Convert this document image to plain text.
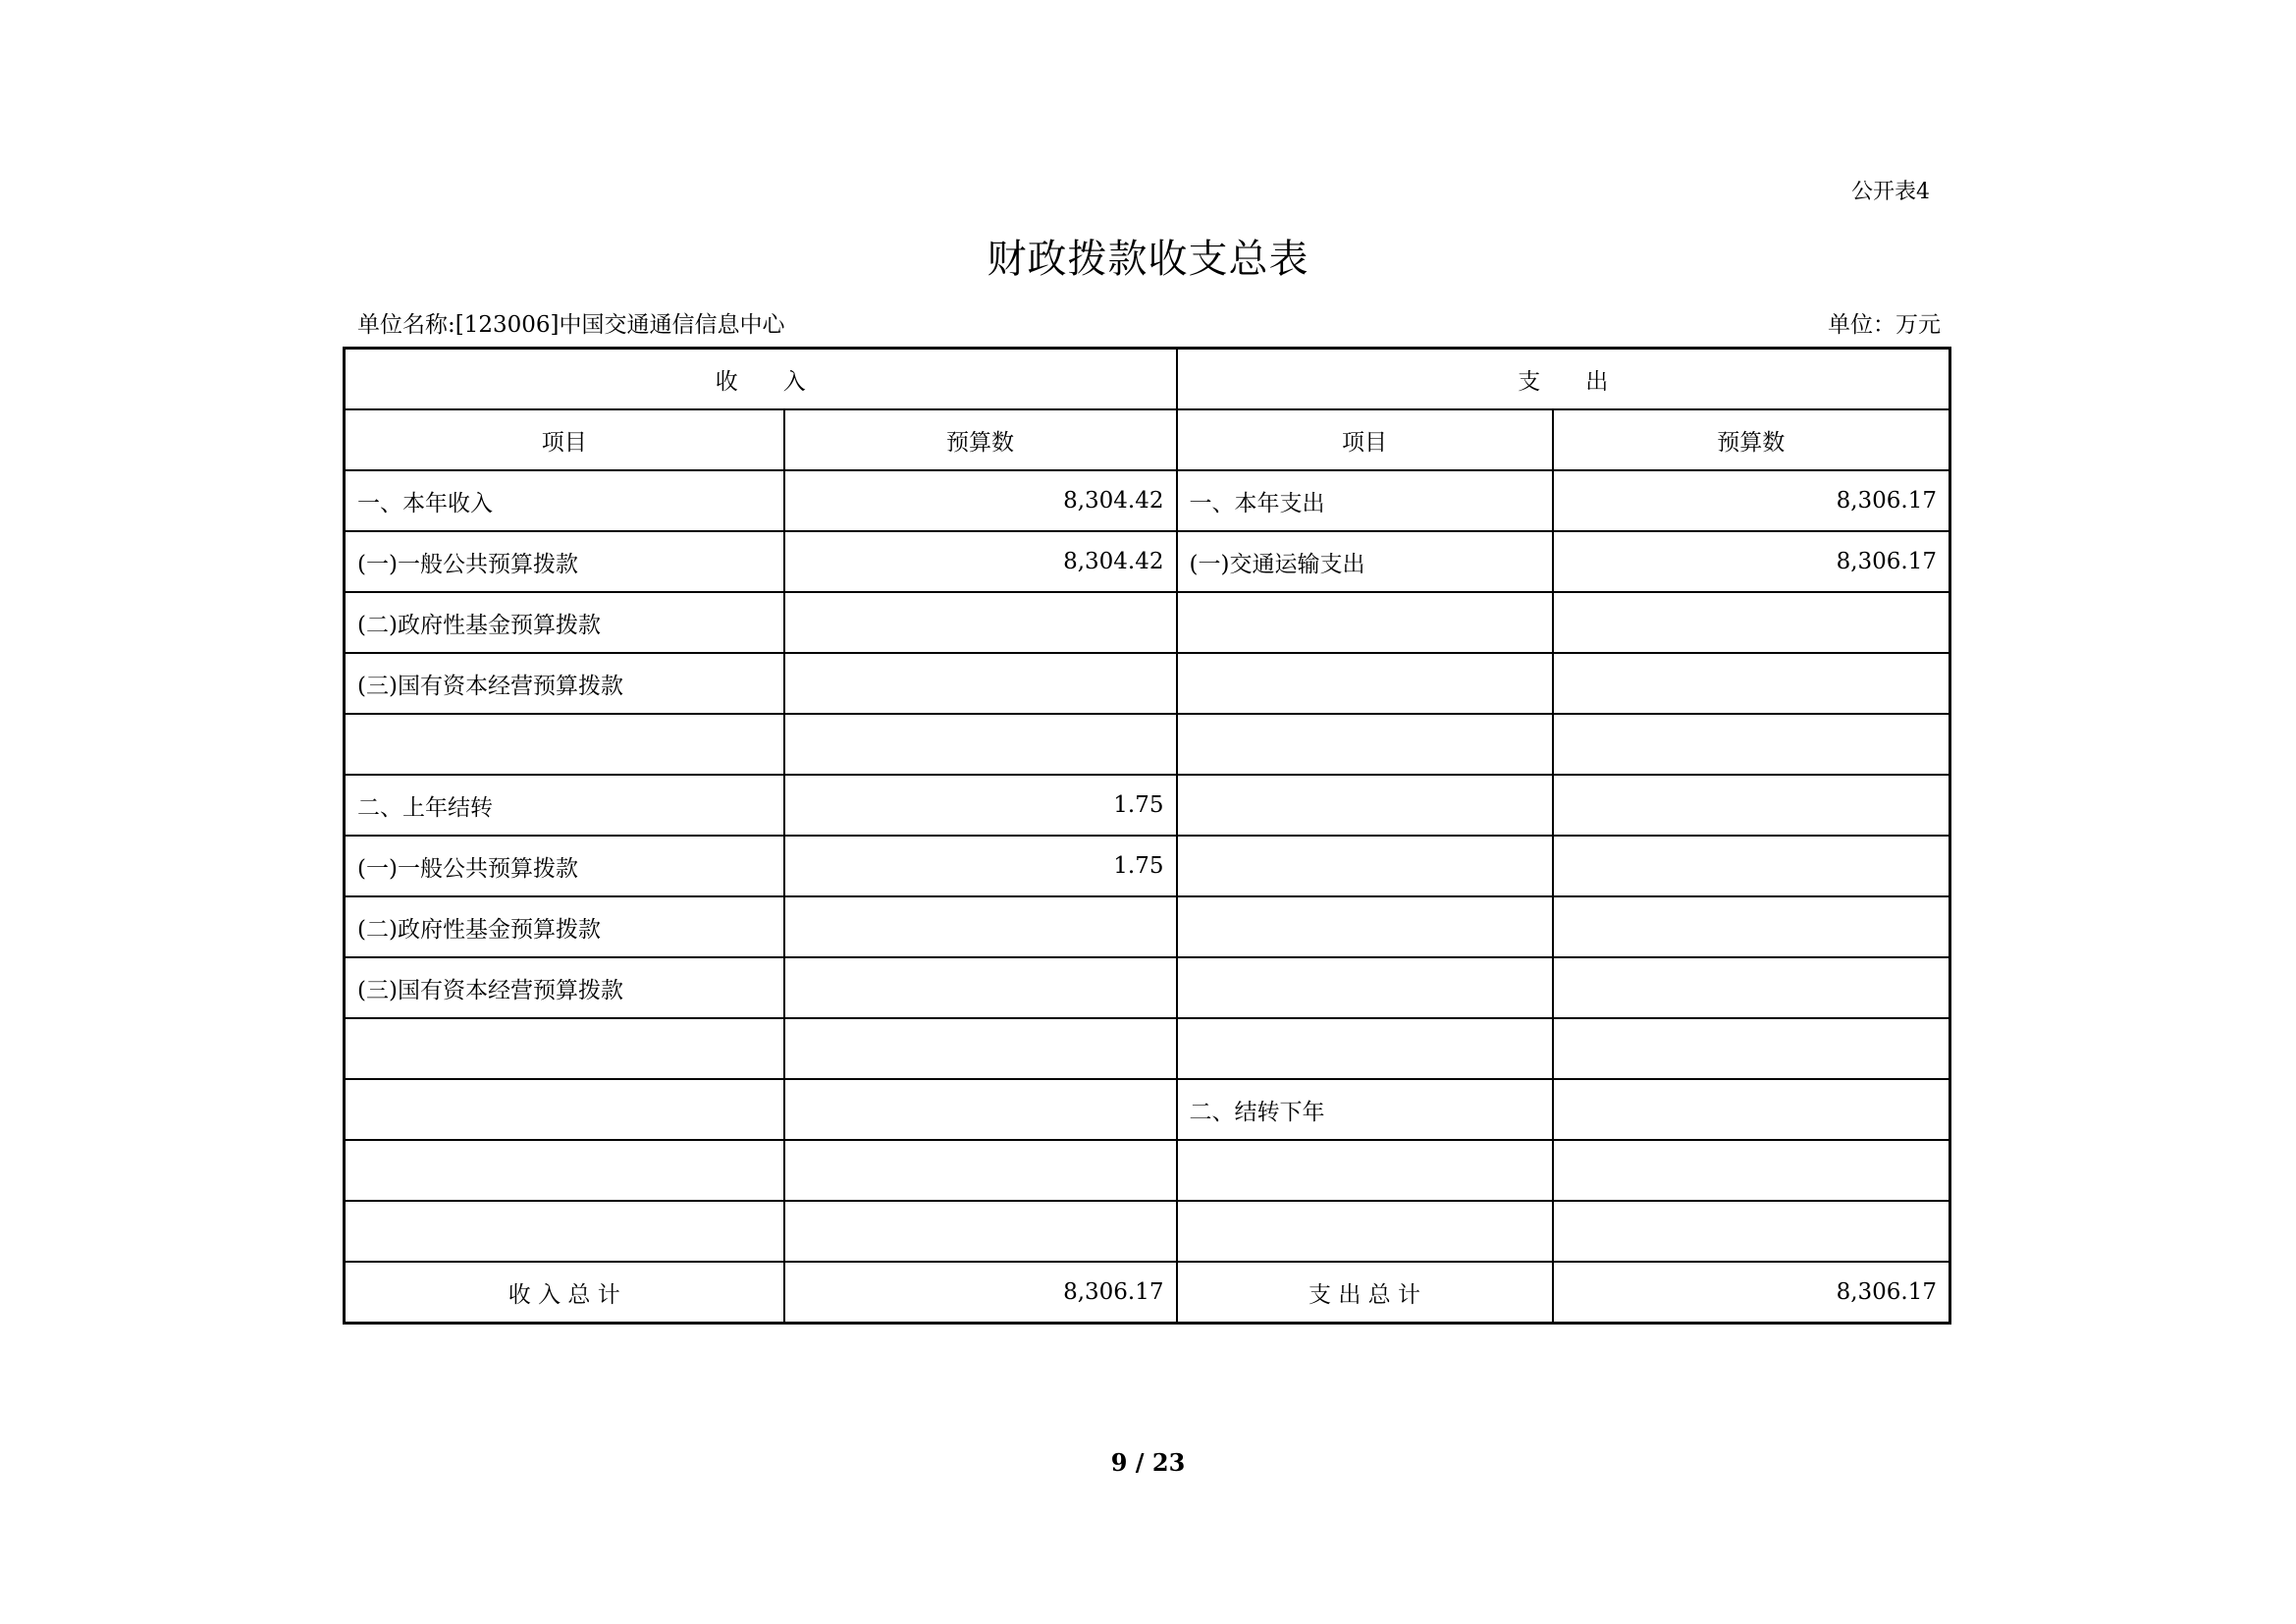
公开表4
财政拨款收支总表
单位名称:[123006]中国交通通信信息中心	单位：万元
收　　入		支　　出	
项目	预算数	项目	预算数
一、本年收入	8,304.42	一、本年支出	8,306.17
(一)一般公共预算拨款	8,304.42	(一)交通运输支出	8,306.17
(二)政府性基金预算拨款			
(三)国有资本经营预算拨款			

二、上年结转	1.75		
(一)一般公共预算拨款	1.75		
(二)政府性基金预算拨款			
(三)国有资本经营预算拨款			

		二、结转下年	

收 入 总 计	8,306.17	支 出 总 计	8,306.17
9 / 23
